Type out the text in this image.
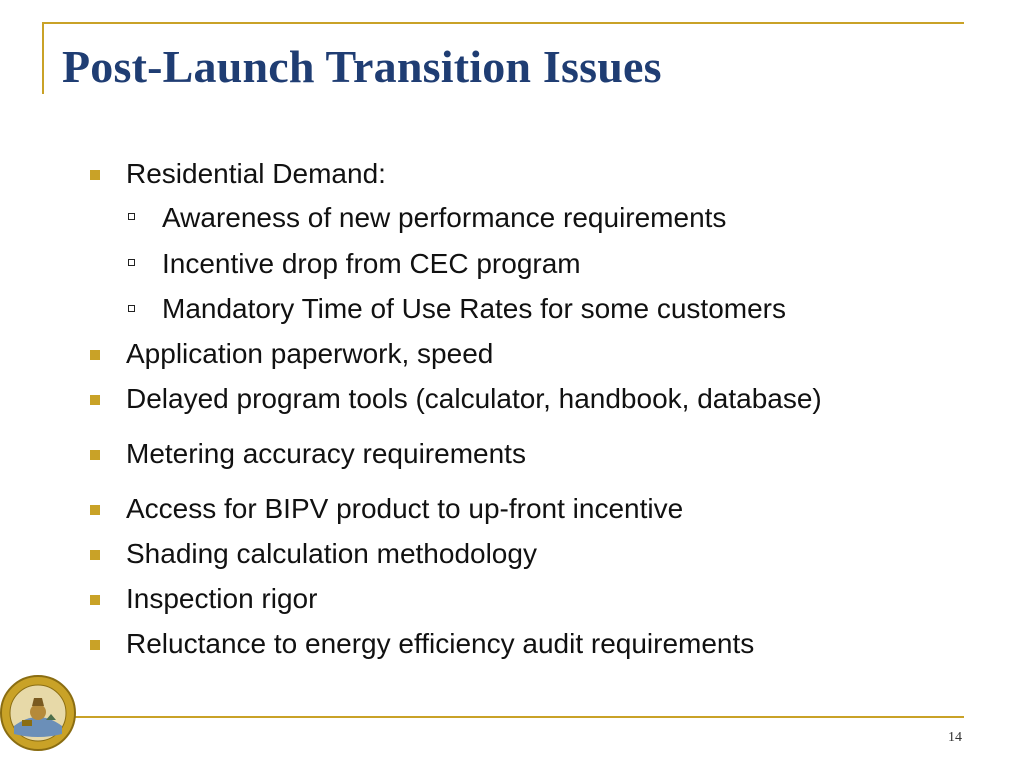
Post-Launch Transition Issues
Residential Demand:
Awareness of new performance requirements
Incentive drop from CEC program
Mandatory Time of Use Rates for some customers
Application paperwork, speed
Delayed program tools (calculator, handbook, database)
Metering accuracy requirements
Access for BIPV product to up-front incentive
Shading calculation methodology
Inspection rigor
Reluctance to energy efficiency audit requirements
14
